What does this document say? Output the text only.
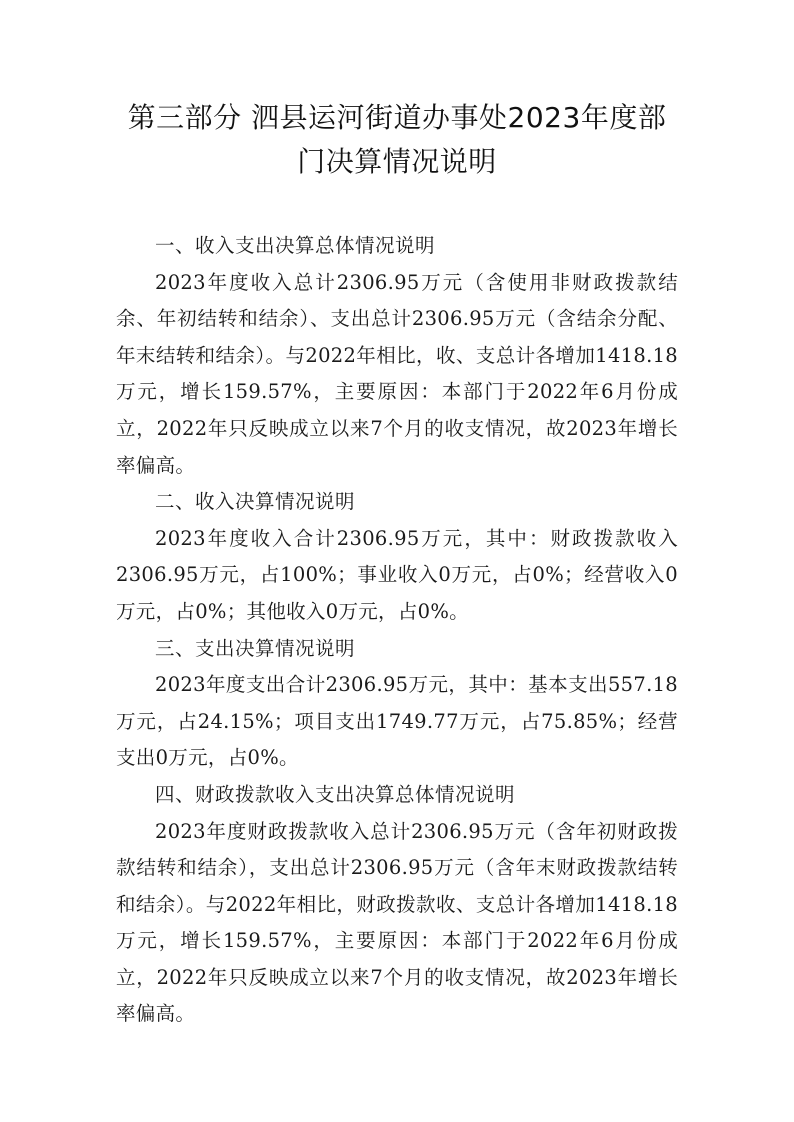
第三部分 泗县运河街道办事处2023年度部
门决算情况说明

一、收入支出决算总体情况说明

2023年度收入总计2306.95万元（含使用非财政拨款结余、年初结转和结余）、支出总计2306.95万元（含结余分配、年末结转和结余）。与2022年相比，收、支总计各增加1418.18万元，增长159.57%，主要原因：本部门于2022年6月份成立，2022年只反映成立以来7个月的收支情况，故2023年增长率偏高。

二、收入决算情况说明

2023年度收入合计2306.95万元，其中：财政拨款收入2306.95万元，占100%；事业收入0万元，占0%；经营收入0万元，占0%；其他收入0万元，占0%。

三、支出决算情况说明

2023年度支出合计2306.95万元，其中：基本支出557.18万元，占24.15%；项目支出1749.77万元，占75.85%；经营支出0万元，占0%。

四、财政拨款收入支出决算总体情况说明

2023年度财政拨款收入总计2306.95万元（含年初财政拨款结转和结余），支出总计2306.95万元（含年末财政拨款结转和结余）。与2022年相比，财政拨款收、支总计各增加1418.18万元，增长159.57%，主要原因：本部门于2022年6月份成立，2022年只反映成立以来7个月的收支情况，故2023年增长率偏高。
